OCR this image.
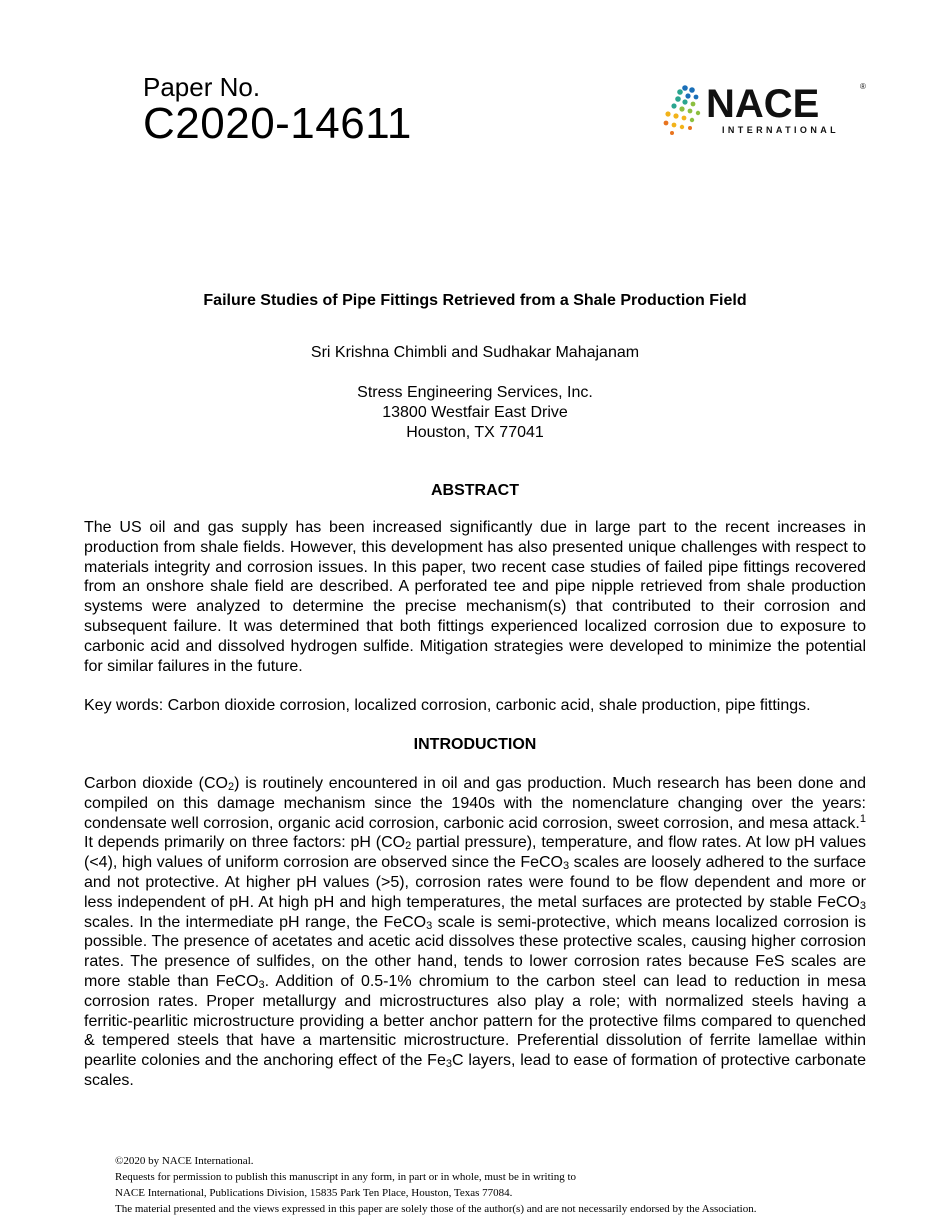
Paper No.
C2020-14611	NACE	®
INTERNATIONAL
Failure Studies of Pipe Fittings Retrieved from a Shale Production Field
Sri Krishna Chimbli and Sudhakar Mahajanam
Stress Engineering Services, Inc.
13800 Westfair East Drive
Houston, TX 77041
ABSTRACT
The US oil and gas supply has been increased significantly due in large part to the recent increases in production from shale fields. However, this development has also presented unique challenges with respect to materials integrity and corrosion issues. In this paper, two recent case studies of failed pipe fittings recovered from an onshore shale field are described. A perforated tee and pipe nipple retrieved from shale production systems were analyzed to determine the precise mechanism(s) that contributed to their corrosion and subsequent failure. It was determined that both fittings experienced localized corrosion due to exposure to carbonic acid and dissolved hydrogen sulfide. Mitigation strategies were developed to minimize the potential for similar failures in the future.
Key words: Carbon dioxide corrosion, localized corrosion, carbonic acid, shale production, pipe fittings.
INTRODUCTION
Carbon dioxide $(CO_2)$ is routinely encountered in oil and gas production. Much research has been done and compiled on this damage mechanism since the 1940s with the nomenclature changing over the years: condensate well corrosion, organic acid corrosion, carbonic acid corrosion, sweet corrosion, and mesa attack.$^1$ It depends primarily on three factors: pH ($CO_2$ partial pressure), temperature, and flow rates. At low pH values (<4), high values of uniform corrosion are observed since the FeCO$_3$ scales are loosely adhered to the surface and not protective. At higher pH values (>5), corrosion rates were found to be flow dependent and more or less independent of pH. At high pH and high temperatures, the metal surfaces are protected by stable FeCO$_3$ scales. In the intermediate pH range, the FeCO$_3$ scale is semi-protective, which means localized corrosion is possible. The presence of acetates and acetic acid dissolves these protective scales, causing higher corrosion rates. The presence of sulfides, on the other hand, tends to lower corrosion rates because FeS scales are more stable than FeCO$_3$. Addition of 0.5-1% chromium to the carbon steel can lead to reduction in mesa corrosion rates. Proper metallurgy and microstructures also play a role; with normalized steels having a ferritic-pearlitic microstructure providing a better anchor pattern for the protective films compared to quenched & tempered steels that have a martensitic microstructure. Preferential dissolution of ferrite lamellae within pearlite colonies and the anchoring effect of the $Fe_3C$ layers, lead to ease of formation of protective carbonate scales.
©2020 by NACE International.
Requests for permission to publish this manuscript in any form, in part or in whole, must be in writing to
NACE International, Publications Division, 15835 Park Ten Place, Houston, Texas 77084.
The material presented and the views expressed in this paper are solely those of the author(s) and are not necessarily endorsed by the Association.
